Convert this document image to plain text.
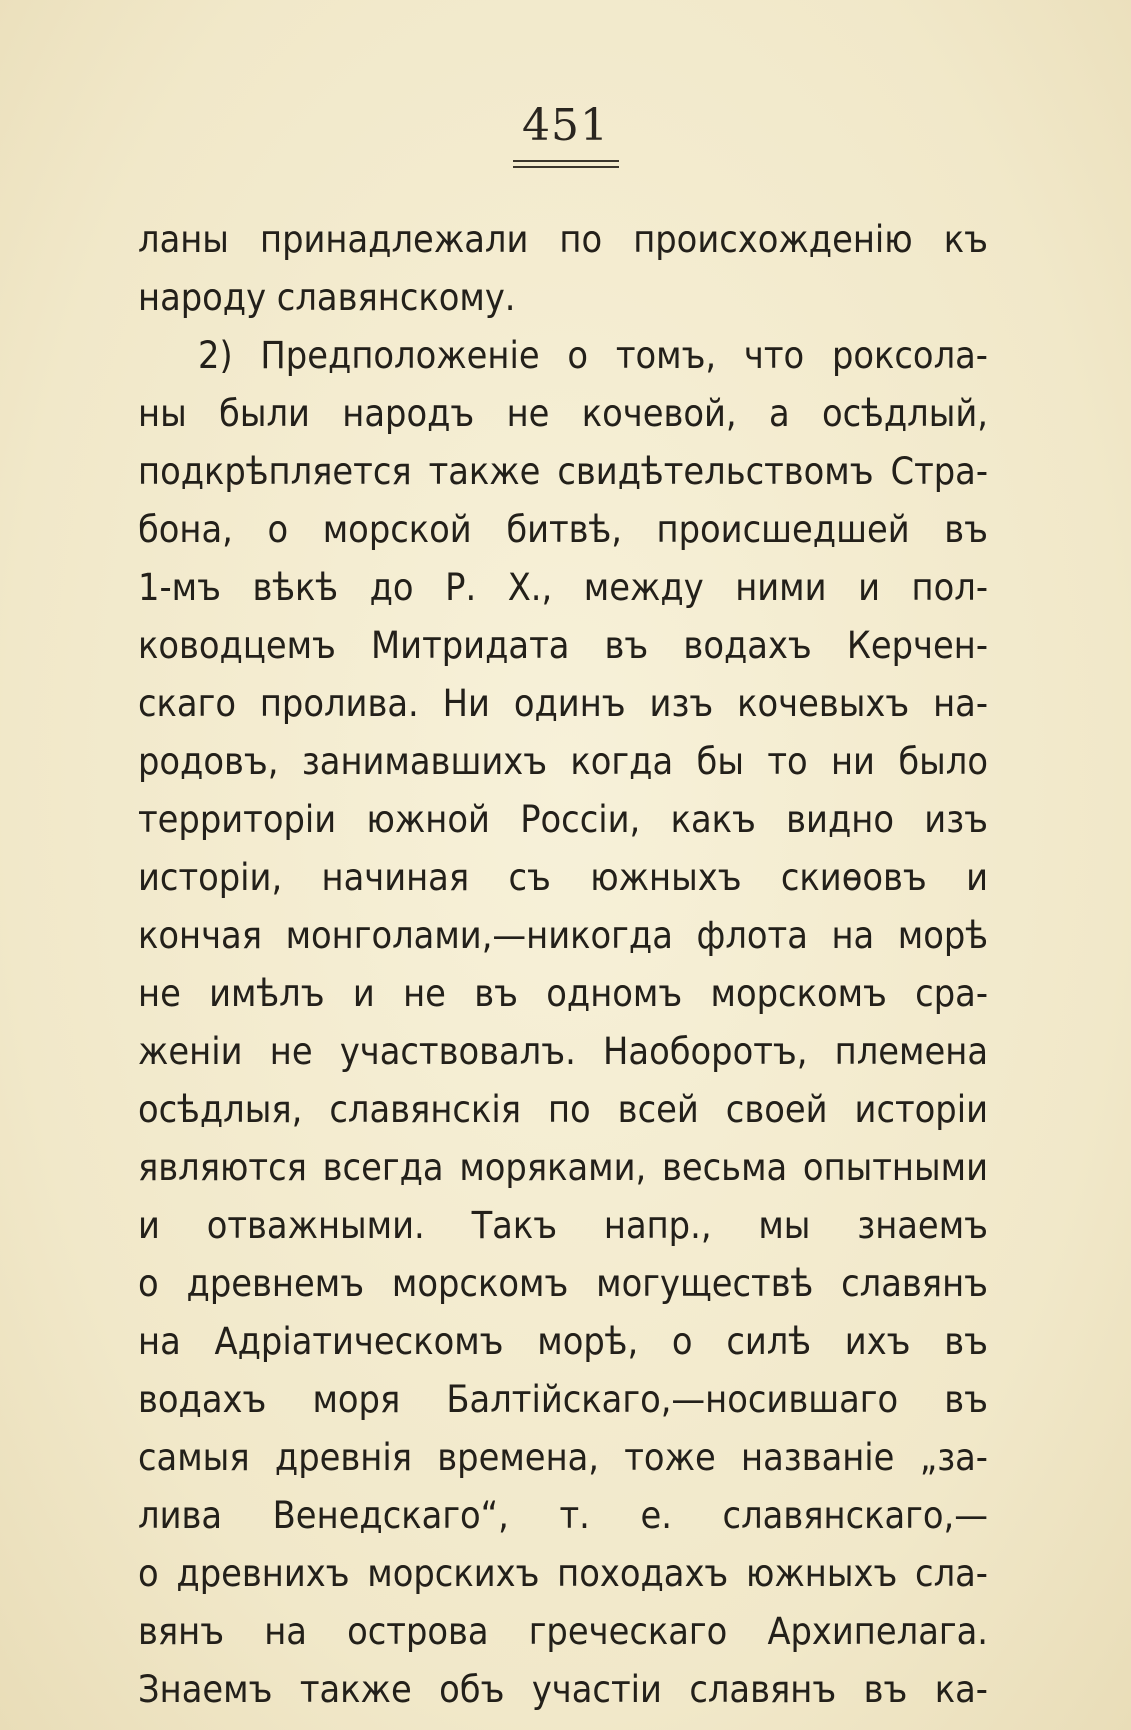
451
ланы принадлежали по происхожденію къ
народу славянскому.
2) Предположеніе о томъ, что роксола-
ны были народъ не кочевой, а осѣдлый,
подкрѣпляется также свидѣтельствомъ Стра-
бона, о морской битвѣ, происшедшей въ
1-мъ вѣкѣ до Р. Х., между ними и пол-
ководцемъ Митридата въ водахъ Керчен-
скаго пролива. Ни одинъ изъ кочевыхъ на-
родовъ, занимавшихъ когда бы то ни было
территоріи южной Россіи, какъ видно изъ
исторіи, начиная съ южныхъ скиѳовъ и
кончая монголами,—никогда флота на морѣ
не имѣлъ и не въ одномъ морскомъ сра-
женіи не участвовалъ. Наоборотъ, племена
осѣдлыя, славянскія по всей своей исторіи
являются всегда моряками, весьма опытными
и отважными. Такъ напр., мы знаемъ
о древнемъ морскомъ могуществѣ славянъ
на Адріатическомъ морѣ, о силѣ ихъ въ
водахъ моря Балтійскаго,—носившаго въ
самыя древнія времена, тоже названіе „за-
лива Венедскаго“, т. е. славянскаго,—
о древнихъ морскихъ походахъ южныхъ сла-
вянъ на острова греческаго Архипелага.
Знаемъ также объ участіи славянъ въ ка-
